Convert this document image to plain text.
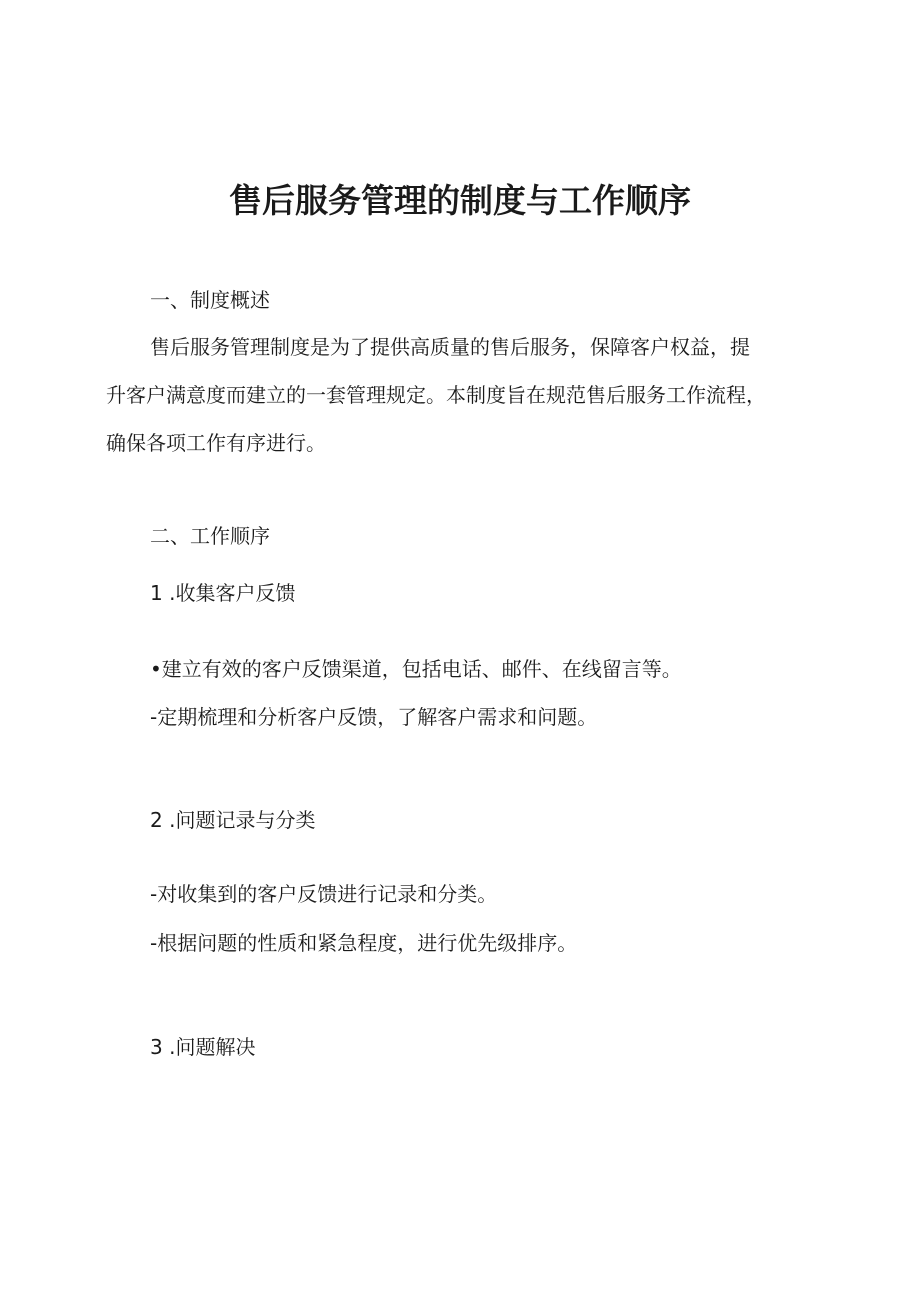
售后服务管理的制度与工作顺序

一、制度概述

售后服务管理制度是为了提供高质量的售后服务，保障客户权益，提

升客户满意度而建立的一套管理规定。本制度旨在规范售后服务工作流程，

确保各项工作有序进行。

二、工作顺序

1 .收集客户反馈

•建立有效的客户反馈渠道，包括电话、邮件、在线留言等。

-定期梳理和分析客户反馈，了解客户需求和问题。

2 .问题记录与分类

-对收集到的客户反馈进行记录和分类。

-根据问题的性质和紧急程度，进行优先级排序。

3 .问题解决
